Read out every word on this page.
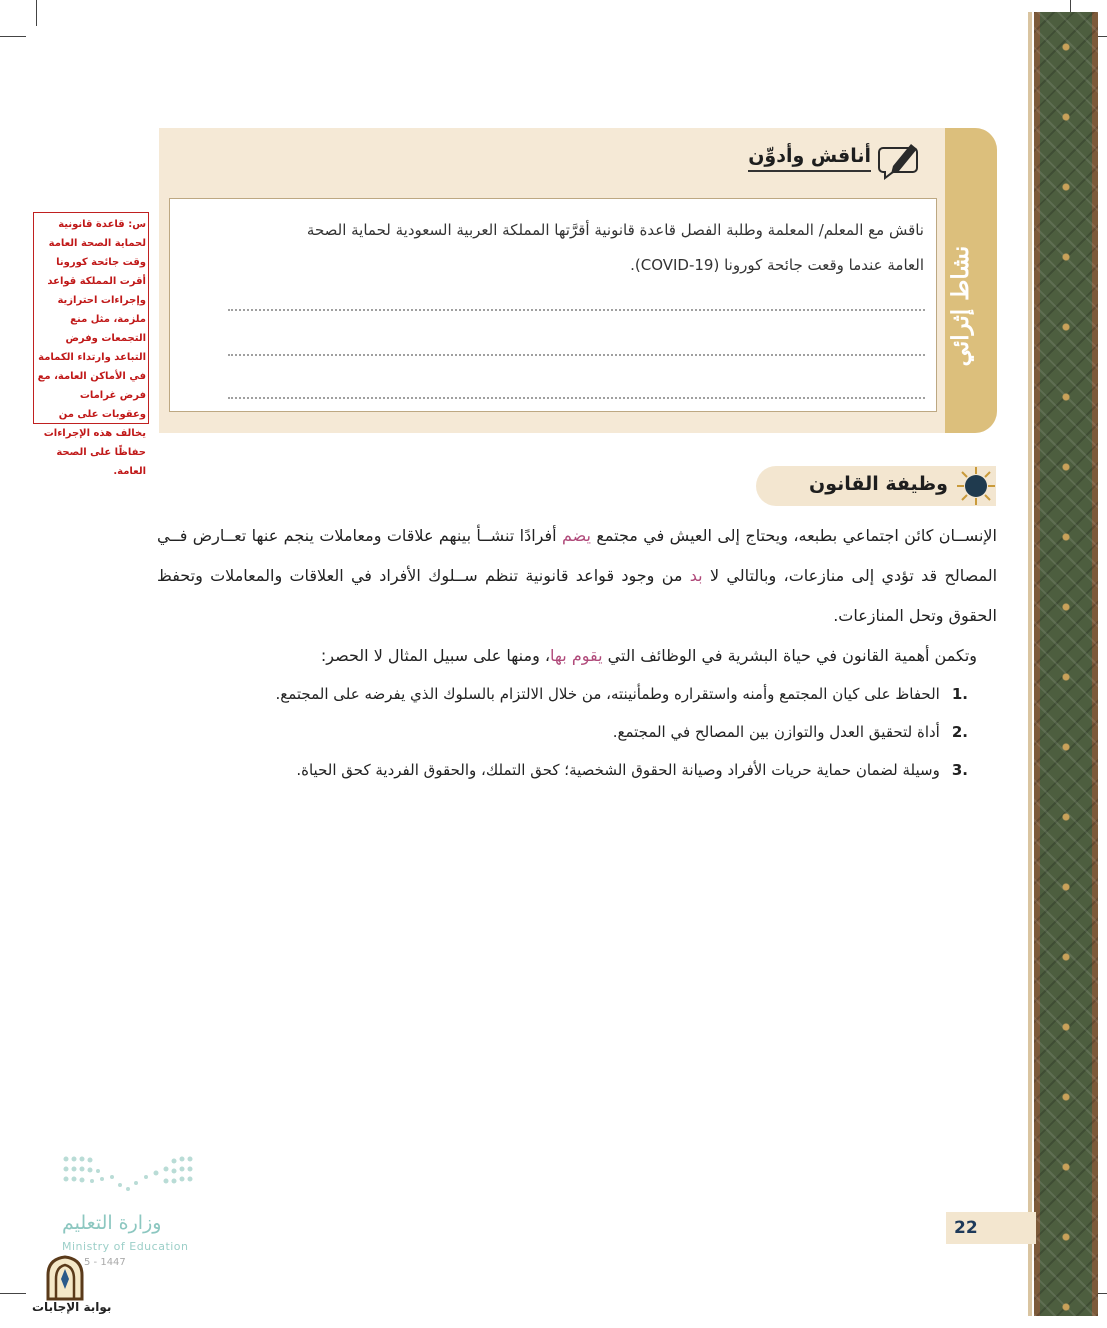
س: قاعدة قانونية لحماية الصحة العامة وقت جائحة كورونا أقرت المملكة قواعد وإجراءات احترازية ملزمة، مثل منع التجمعات وفرض التباعد وارتداء الكمامة في الأماكن العامة، مع فرض غرامات وعقوبات على من يخالف هذه الإجراءات حفاظًا على الصحة العامة.
نشاط إثرائي
أناقش وأدوِّن
ناقش مع المعلم/ المعلمة وطلبة الفصل قاعدة قانونية أقرَّتها المملكة العربية السعودية لحماية الصحة
العامة عندما وقعت جائحة كورونا (COVID-19).
وظيفة القانون
الإنســان كائن اجتماعي بطبعه، ويحتاج إلى العيش في مجتمع يضم أفرادًا تنشــأ بينهم علاقات ومعاملات ينجم عنها تعــارض فــي المصالح قد تؤدي إلى منازعات، وبالتالي لا بد من وجود قواعد قانونية تنظم ســلوك الأفراد في العلاقات والمعاملات وتحفظ الحقوق وتحل المنازعات.
وتكمن أهمية القانون في حياة البشرية في الوظائف التي يقوم بها، ومنها على سبيل المثال لا الحصر:
.1
الحفاظ على كيان المجتمع وأمنه واستقراره وطمأنينته، من خلال الالتزام بالسلوك الذي يفرضه على المجتمع.
.2
أداة لتحقيق العدل والتوازن بين المصالح في المجتمع.
.3
وسيلة لضمان حماية حريات الأفراد وصيانة الحقوق الشخصية؛ كحق التملك، والحقوق الفردية كحق الحياة.
وزارة التعليم
Ministry of Education
5 - 1447
بوابة الإجابات
22
